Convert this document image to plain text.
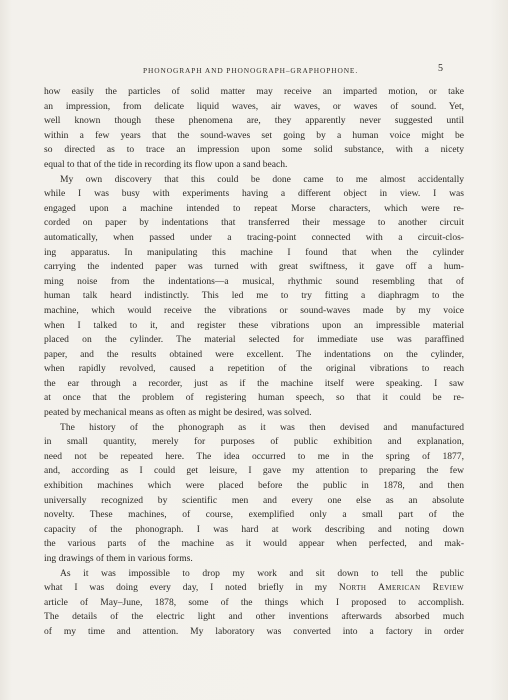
PHONOGRAPH AND PHONOGRAPH–GRAPHOPHONE.	5
how easily the particles of solid matter may receive an imparted motion, or take
an impression, from delicate liquid waves, air waves, or waves of sound. Yet,
well known though these phenomena are, they apparently never suggested until
within a few years that the sound-waves set going by a human voice might be
so directed as to trace an impression upon some solid substance, with a nicety
equal to that of the tide in recording its flow upon a sand beach.
My own discovery that this could be done came to me almost accidentally
while I was busy with experiments having a different object in view. I was
engaged upon a machine intended to repeat Morse characters, which were re-
corded on paper by indentations that transferred their message to another circuit
automatically, when passed under a tracing-point connected with a circuit-clos-
ing apparatus. In manipulating this machine I found that when the cylinder
carrying the indented paper was turned with great swiftness, it gave off a hum-
ming noise from the indentations—a musical, rhythmic sound resembling that of
human talk heard indistinctly. This led me to try fitting a diaphragm to the
machine, which would receive the vibrations or sound-waves made by my voice
when I talked to it, and register these vibrations upon an impressible material
placed on the cylinder. The material selected for immediate use was paraffined
paper, and the results obtained were excellent. The indentations on the cylinder,
when rapidly revolved, caused a repetition of the original vibrations to reach
the ear through a recorder, just as if the machine itself were speaking. I saw
at once that the problem of registering human speech, so that it could be re-
peated by mechanical means as often as might be desired, was solved.
The history of the phonograph as it was then devised and manufactured
in small quantity, merely for purposes of public exhibition and explanation,
need not be repeated here. The idea occurred to me in the spring of 1877,
and, according as I could get leisure, I gave my attention to preparing the few
exhibition machines which were placed before the public in 1878, and then
universally recognized by scientific men and every one else as an absolute
novelty. These machines, of course, exemplified only a small part of the
capacity of the phonograph. I was hard at work describing and noting down
the various parts of the machine as it would appear when perfected, and mak-
ing drawings of them in various forms.
As it was impossible to drop my work and sit down to tell the public
what I was doing every day, I noted briefly in my North American Review
article of May–June, 1878, some of the things which I proposed to accomplish.
The details of the electric light and other inventions afterwards absorbed much
of my time and attention. My laboratory was converted into a factory in order
